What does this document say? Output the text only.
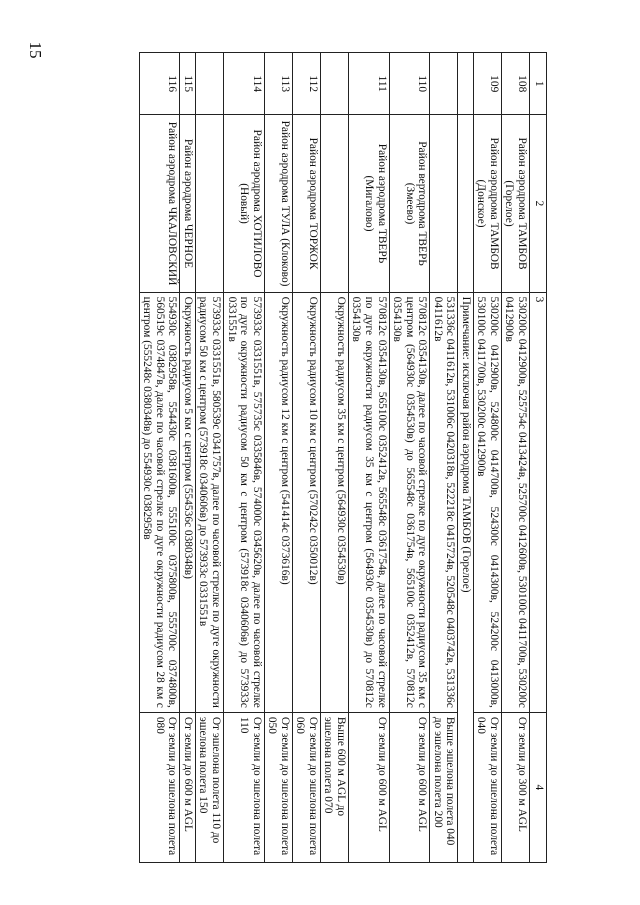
15
1	2	3	4
108	Район аэродрома ТАМБОВ (Горелое)	530200с 0412900в, 525754с 0413424в, 525700с 0412600в, 530100с 0411700в, 530200с 0412900в	От земли до 300 м AGL
109	Район аэродрома ТАМБОВ (Донское)	530200с 0412900в, 524800с 0414700в, 524300с 0414300в, 524200с 0413000в, 530100с 0411700в, 530200с 0412900в	От земли до эшелона полета 040
		Примечание: исключая район аэродрома ТАМБОВ (Горелое)	
		531336с 0411612в, 531006с 0420318в, 522218с 0415724в, 520548с 0403742в, 531336с 0411612в	Выше эшелона полета 040 до эшелона полета 200
110	Район вертодрома ТВЕРЬ (Змеево)	570812с 0354130в, далее по часовой стрелке по дуге окружности радиусом 35 км с центром (564930с 0354530в) до 565548с 0361754в, 565100с 0352412в, 570812с 0354130в	От земли до 600 м AGL
111	Район аэродрома ТВЕРЬ (Мигалово)	570812с 0354130в, 565100с 0352412в, 565548с 0361754в, далее по часовой стрелке по дуге окружности радиусом 35 км с центром (564930с 0354530в) до 570812с 0354130в	От земли до 600 м AGL
		Окружность радиусом 35 км с центром (564930с 0354530в)	Выше 600 м AGL до эшелона полета 070
112	Район аэродрома ТОРЖОК	Окружность радиусом 10 км с центром (570242с 0350012в)	От земли до эшелона полета 060
113	Район аэродрома ТУЛА (Клоково)	Окружность радиусом 12 км с центром (541414с 0373616в)	От земли до эшелона полета 050
114	Район аэродрома ХОТИЛОВО (Новый)	573933с 0331551в, 575735с 0335846в, 574000с 0345620в, далее по часовой стрелке по дуге окружности радиусом 50 км с центром (573918с 0340606в) до 573933с 0331551в	От земли до эшелона полета 110
		573933с 0331551в, 580539с 0341757в, далее по часовой стрелке по дуге окружности радиусом 50 км с центром (573918с 0340606в) до 573933с 0331551в	От эшелона полета 110 до эшелона полета 150
115	Район аэродрома ЧЕРНОЕ	Окружность радиусом 5 км с центром (554536с 0380348в)	От земли до 600 м AGL
116	Район аэродрома ЧКАЛОВСКИЙ	554930с 0382958в, 554430с 0381600в, 555100с 0375800в, 555700с 0374800в, 560519с 0374847в, далее по часовой стрелке по дуге окружности радиусом 28 км с центром (555248с 0380348в) до 554930с 0382958в	От земли до эшелона полета 080
